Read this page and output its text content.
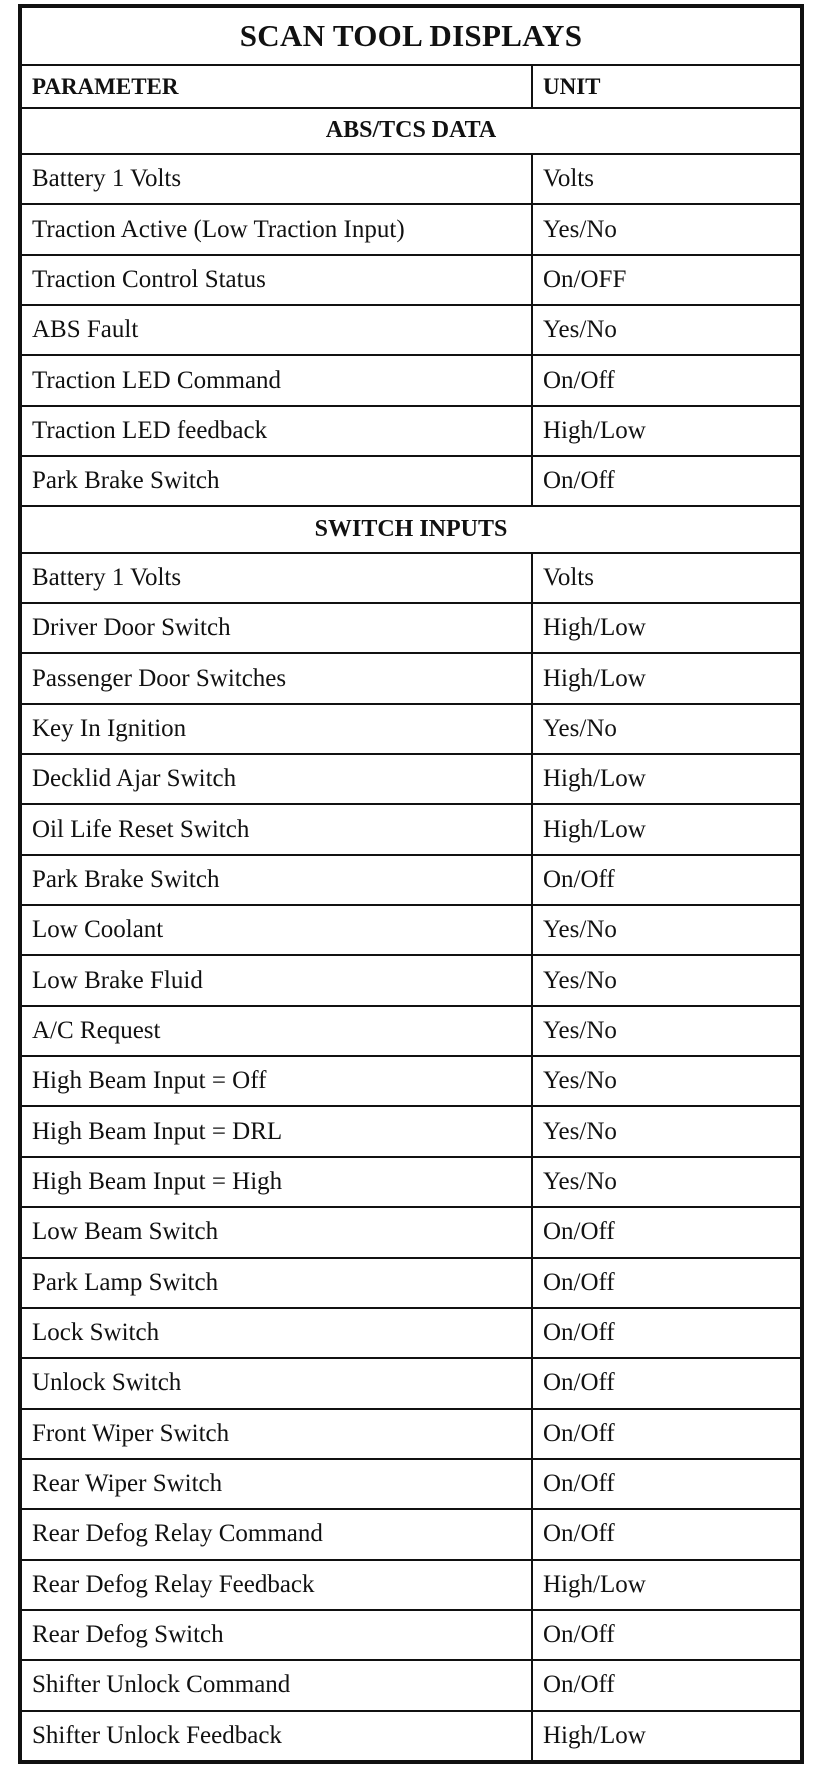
SCAN TOOL DISPLAYS	
PARAMETER	UNIT
ABS/TCS DATA	
Battery 1 Volts	Volts
Traction Active (Low Traction Input)	Yes/No
Traction Control Status	On/OFF
ABS Fault	Yes/No
Traction LED Command	On/Off
Traction LED feedback	High/Low
Park Brake Switch	On/Off
SWITCH INPUTS	
Battery 1 Volts	Volts
Driver Door Switch	High/Low
Passenger Door Switches	High/Low
Key In Ignition	Yes/No
Decklid Ajar Switch	High/Low
Oil Life Reset Switch	High/Low
Park Brake Switch	On/Off
Low Coolant	Yes/No
Low Brake Fluid	Yes/No
A/C Request	Yes/No
High Beam Input = Off	Yes/No
High Beam Input = DRL	Yes/No
High Beam Input = High	Yes/No
Low Beam Switch	On/Off
Park Lamp Switch	On/Off
Lock Switch	On/Off
Unlock Switch	On/Off
Front Wiper Switch	On/Off
Rear Wiper Switch	On/Off
Rear Defog Relay Command	On/Off
Rear Defog Relay Feedback	High/Low
Rear Defog Switch	On/Off
Shifter Unlock Command	On/Off
Shifter Unlock Feedback	High/Low
